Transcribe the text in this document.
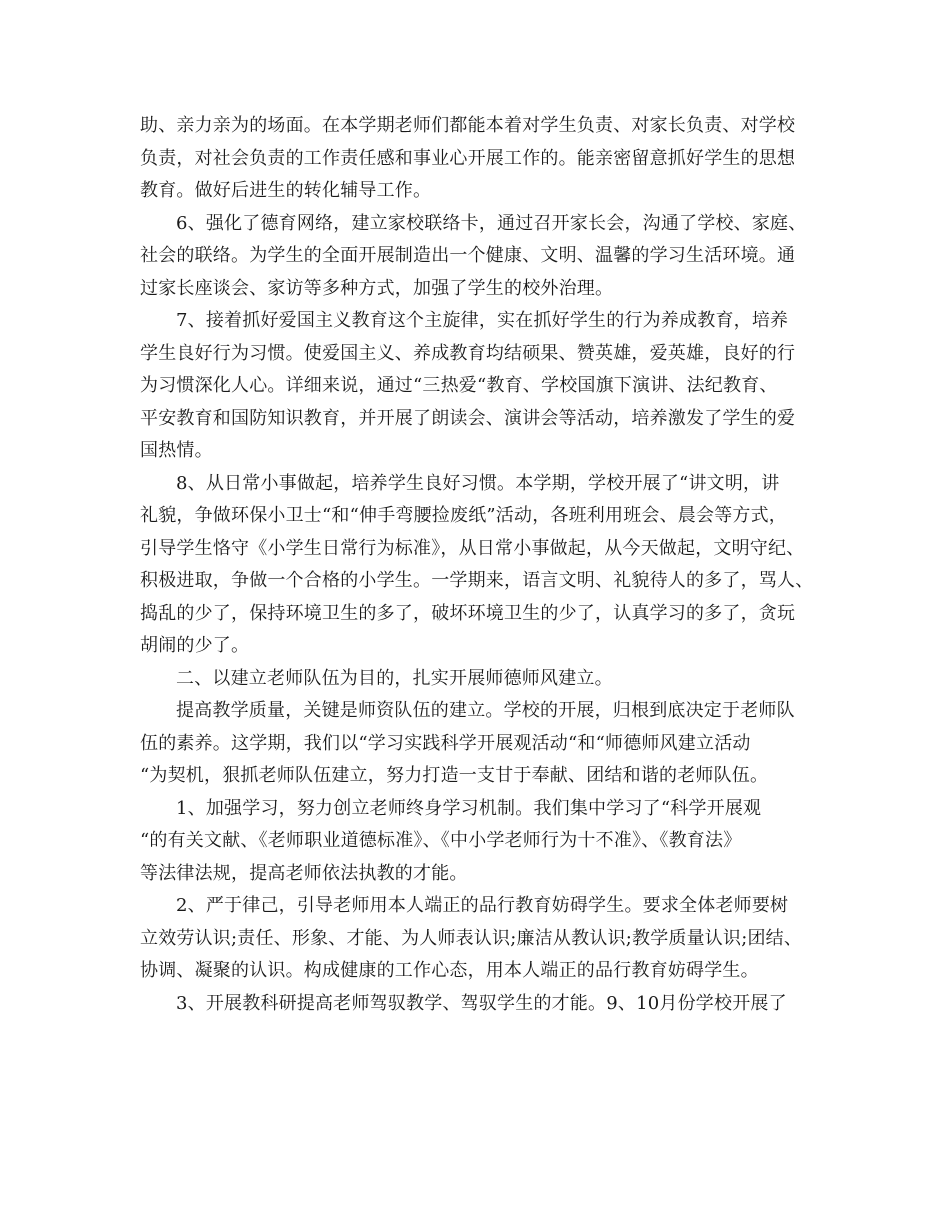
助、亲力亲为的场面。在本学期老师们都能本着对学生负责、对家长负责、对学校
负责，对社会负责的工作责任感和事业心开展工作的。能亲密留意抓好学生的思想
教育。做好后进生的转化辅导工作。
6、强化了德育网络，建立家校联络卡，通过召开家长会，沟通了学校、家庭、
社会的联络。为学生的全面开展制造出一个健康、文明、温馨的学习生活环境。通
过家长座谈会、家访等多种方式，加强了学生的校外治理。
7、接着抓好爱国主义教育这个主旋律，实在抓好学生的行为养成教育，培养
学生良好行为习惯。使爱国主义、养成教育均结硕果、赞英雄，爱英雄，良好的行
为习惯深化人心。详细来说，通过“三热爱“教育、学校国旗下演讲、法纪教育、
平安教育和国防知识教育，并开展了朗读会、演讲会等活动，培养激发了学生的爱
国热情。
8、从日常小事做起，培养学生良好习惯。本学期，学校开展了“讲文明，讲
礼貌，争做环保小卫士“和“伸手弯腰捡废纸”活动，各班利用班会、晨会等方式，
引导学生恪守《小学生日常行为标准》，从日常小事做起，从今天做起，文明守纪、
积极进取，争做一个合格的小学生。一学期来，语言文明、礼貌待人的多了，骂人、
捣乱的少了，保持环境卫生的多了，破坏环境卫生的少了，认真学习的多了，贪玩
胡闹的少了。
二、以建立老师队伍为目的，扎实开展师德师风建立。
提高教学质量，关键是师资队伍的建立。学校的开展，归根到底决定于老师队
伍的素养。这学期，我们以“学习实践科学开展观活动“和“师德师风建立活动
“为契机，狠抓老师队伍建立，努力打造一支甘于奉献、团结和谐的老师队伍。
1、加强学习，努力创立老师终身学习机制。我们集中学习了“科学开展观
“的有关文献、《老师职业道德标准》、《中小学老师行为十不准》、《教育法》
等法律法规，提高老师依法执教的才能。
2、严于律己，引导老师用本人端正的品行教育妨碍学生。要求全体老师要树
立效劳认识;责任、形象、才能、为人师表认识;廉洁从教认识;教学质量认识;团结、
协调、凝聚的认识。构成健康的工作心态，用本人端正的品行教育妨碍学生。
3、开展教科研提高老师驾驭教学、驾驭学生的才能。9、10月份学校开展了
